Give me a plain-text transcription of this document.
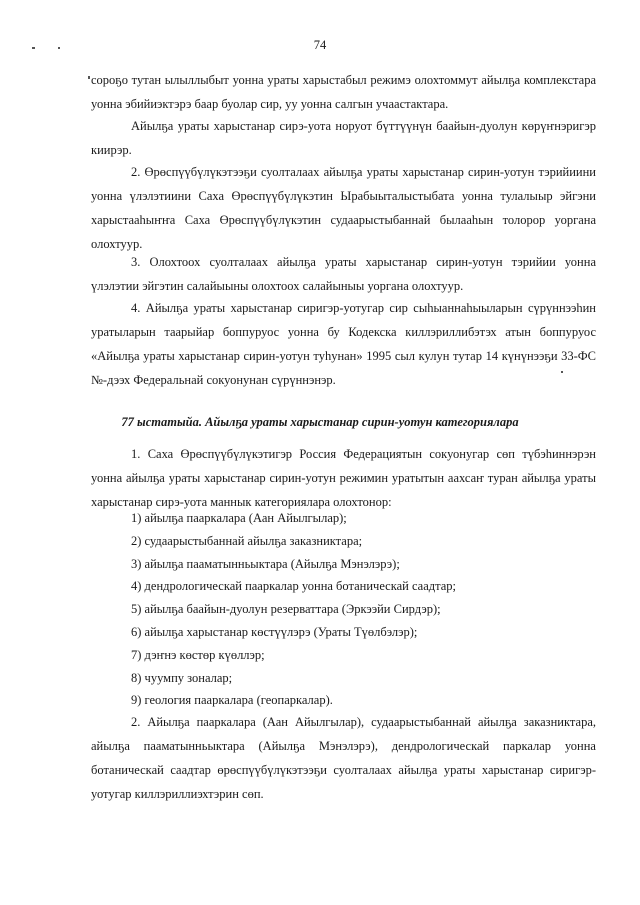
74

сороҕо тутан ылыллыбыт уонна ураты харыстабыл режимэ олохтоммут айылҕа комплекстара уонна эбийиэктэрэ баар буолар сир, уу уонна салгын учаастактара.

Айылҕа ураты харыстанар сирэ-уота норуот бүттүүнүн баайын-дуолун көрүҥнэригэр киирэр.

2. Өрөспүүбүлүкэтээҕи суолталаах айылҕа ураты харыстанар сирин-уотун тэрийиини уонна үлэлэтиини Саха Өрөспүүбүлүкэтин Ырабыыталыстыбата уонна тулалыыр эйгэни харыстааһыҥҥа Саха Өрөспүүбүлүкэтин судаарыстыбаннай былааһын толорор уоргана олохтуур.

3. Олохтоох суолталаах айылҕа ураты харыстанар сирин-уотун тэрийии уонна үлэлэтии эйгэтин салайыыны олохтоох салайыныы уоргана олохтуур.

4. Айылҕа ураты харыстанар сиригэр-уотугар сир сыһыаннаһыыларын сүрүннээһин уратыларын таарыйар боппуруос уонна бу Кодекска киллэриллибэтэх атын боппуруос «Айылҕа ураты харыстанар сирин-уотун туһунан» 1995 сыл кулун тутар 14 күнүнээҕи 33-ФС №-дээх Федеральнай сокуонунан сүрүннэнэр.

77 ыстатыйа. Айылҕа ураты харыстанар сирин-уотун категориялара

1. Саха Өрөспүүбүлүкэтигэр Россия Федерациятын сокуонугар сөп түбэһиннэрэн уонна айылҕа ураты харыстанар сирин-уотун режимин уратытын аахсаҥ туран айылҕа ураты харыстанар сирэ-уота маннык категорияларa олохтонор:

1) айылҕа пааркалара (Аан Айылгылар);
2) судаарыстыбаннай айылҕа заказниктара;
3) айылҕа пааматынньыктара (Айылҕа Мэнэлэрэ);
4) дендрологическай пааркалар уонна ботаническай саадтар;
5) айылҕа баайын-дуолун резерваттара (Эркээйи Сирдэр);
6) айылҕа харыстанар көстүүлэрэ (Ураты Түөлбэлэр);
7) дэҥнэ көстөр күөллэр;
8) чуумпу зоналар;
9) геология пааркалара (геопаркалар).

2. Айылҕа пааркалара (Аан Айылгылар), судаарыстыбаннай айылҕа заказниктара, айылҕа пааматынньыктара (Айылҕа Мэнэлэрэ), дендрологическай паркалар уонна ботаническай саадтар өрөспүүбүлүкэтээҕи суолталаах айылҕа ураты харыстанар сиригэр-уотугар киллэриллиэхтэрин сөп.
